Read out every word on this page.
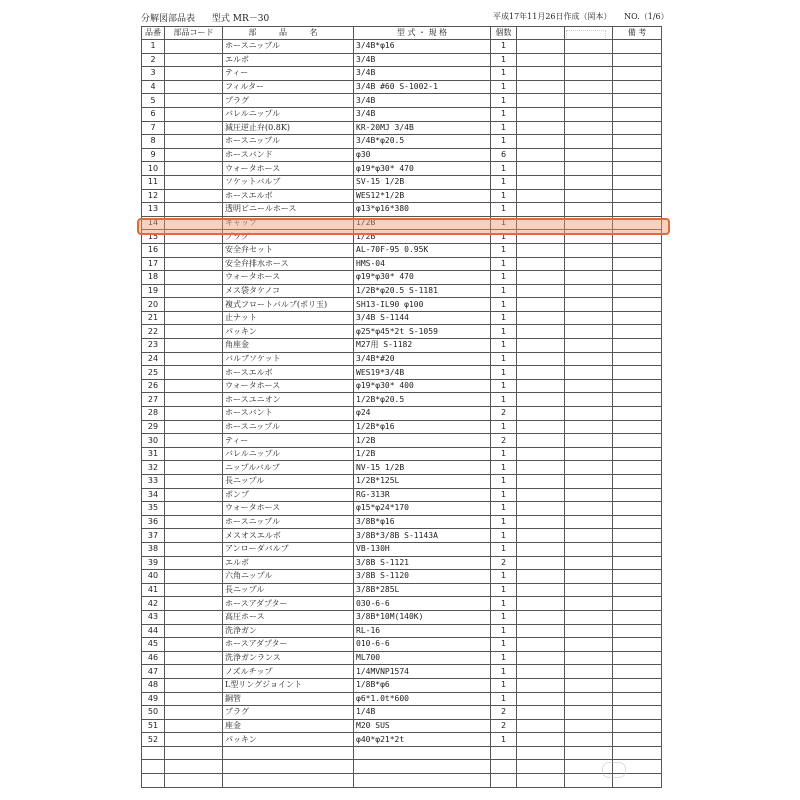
分解図部品表 型式 MR－30	平成17年11月26日作成（岡本） NO.（1/6）
品番	部品コード	部 品 名	型 式 ・ 規 格	個数			備 考
1		ホースニップル	3/4B*φ16	1			
2		エルボ	3/4B	1			
3		ティー	3/4B	1			
4		フィルター	3/4B #60 S-1002-1	1			
5		プラグ	3/4B	1			
6		バレルニップル	3/4B	1			
7		減圧逆止弁(0.8K)	KR-20MJ 3/4B	1			
8		ホースニップル	3/4B*φ20.5	1			
9		ホースバンド	φ30	6			
10		ウォータホース	φ19*φ30* 470	1			
11		ソケットバルブ	SV-15 1/2B	1			
12		ホースエルボ	WES12*1/2B	1			
13		透明ビニールホース	φ13*φ16*380	1			
14		キャップ	1/2B	1			
15		プラグ	1/2B	1			
16		安全弁セット	AL-70F-95 0.95K	1			
17		安全弁排水ホース	HMS-04	1			
18		ウォータホース	φ19*φ30* 470	1			
19		メス袋タケノコ	1/2B*φ20.5 S-1181	1			
20		複式フロートバルブ(ポリ玉)	SH13-IL90 φ100	1			
21		止ナット	3/4B S-1144	1			
22		パッキン	φ25*φ45*2t S-1059	1			
23		角座金	M27用 S-1182	1			
24		バルブソケット	3/4B*#20	1			
25		ホースエルボ	WES19*3/4B	1			
26		ウォータホース	φ19*φ30* 400	1			
27		ホースユニオン	1/2B*φ20.5	1			
28		ホースバント	φ24	2			
29		ホースニップル	1/2B*φ16	1			
30		ティー	1/2B	2			
31		バレルニップル	1/2B	1			
32		ニップルバルブ	NV-15 1/2B	1			
33		長ニップル	1/2B*125L	1			
34		ポンプ	RG-313R	1			
35		ウォータホース	φ15*φ24*170	1			
36		ホースニップル	3/8B*φ16	1			
37		メスオスエルボ	3/8B*3/8B S-1143A	1			
38		アンローダバルブ	VB-130H	1			
39		エルボ	3/8B S-1121	2			
40		六角ニップル	3/8B S-1120	1			
41		長ニップル	3/8B*285L	1			
42		ホースアダプター	030-6-6	1			
43		高圧ホース	3/8B*10M(140K)	1			
44		洗浄ガン	RL-16	1			
45		ホースアダプター	010-6-6	1			
46		洗浄ガンランス	ML700	1			
47		ノズルチップ	1/4MVNP1574	1			
48		L型リングジョイント	1/8B*φ6	1			
49		銅管	φ6*1.0t*600	1			
50		プラグ	1/4B	2			
51		座金	M20 SUS	2			
52		パッキン	φ40*φ21*2t	1			
